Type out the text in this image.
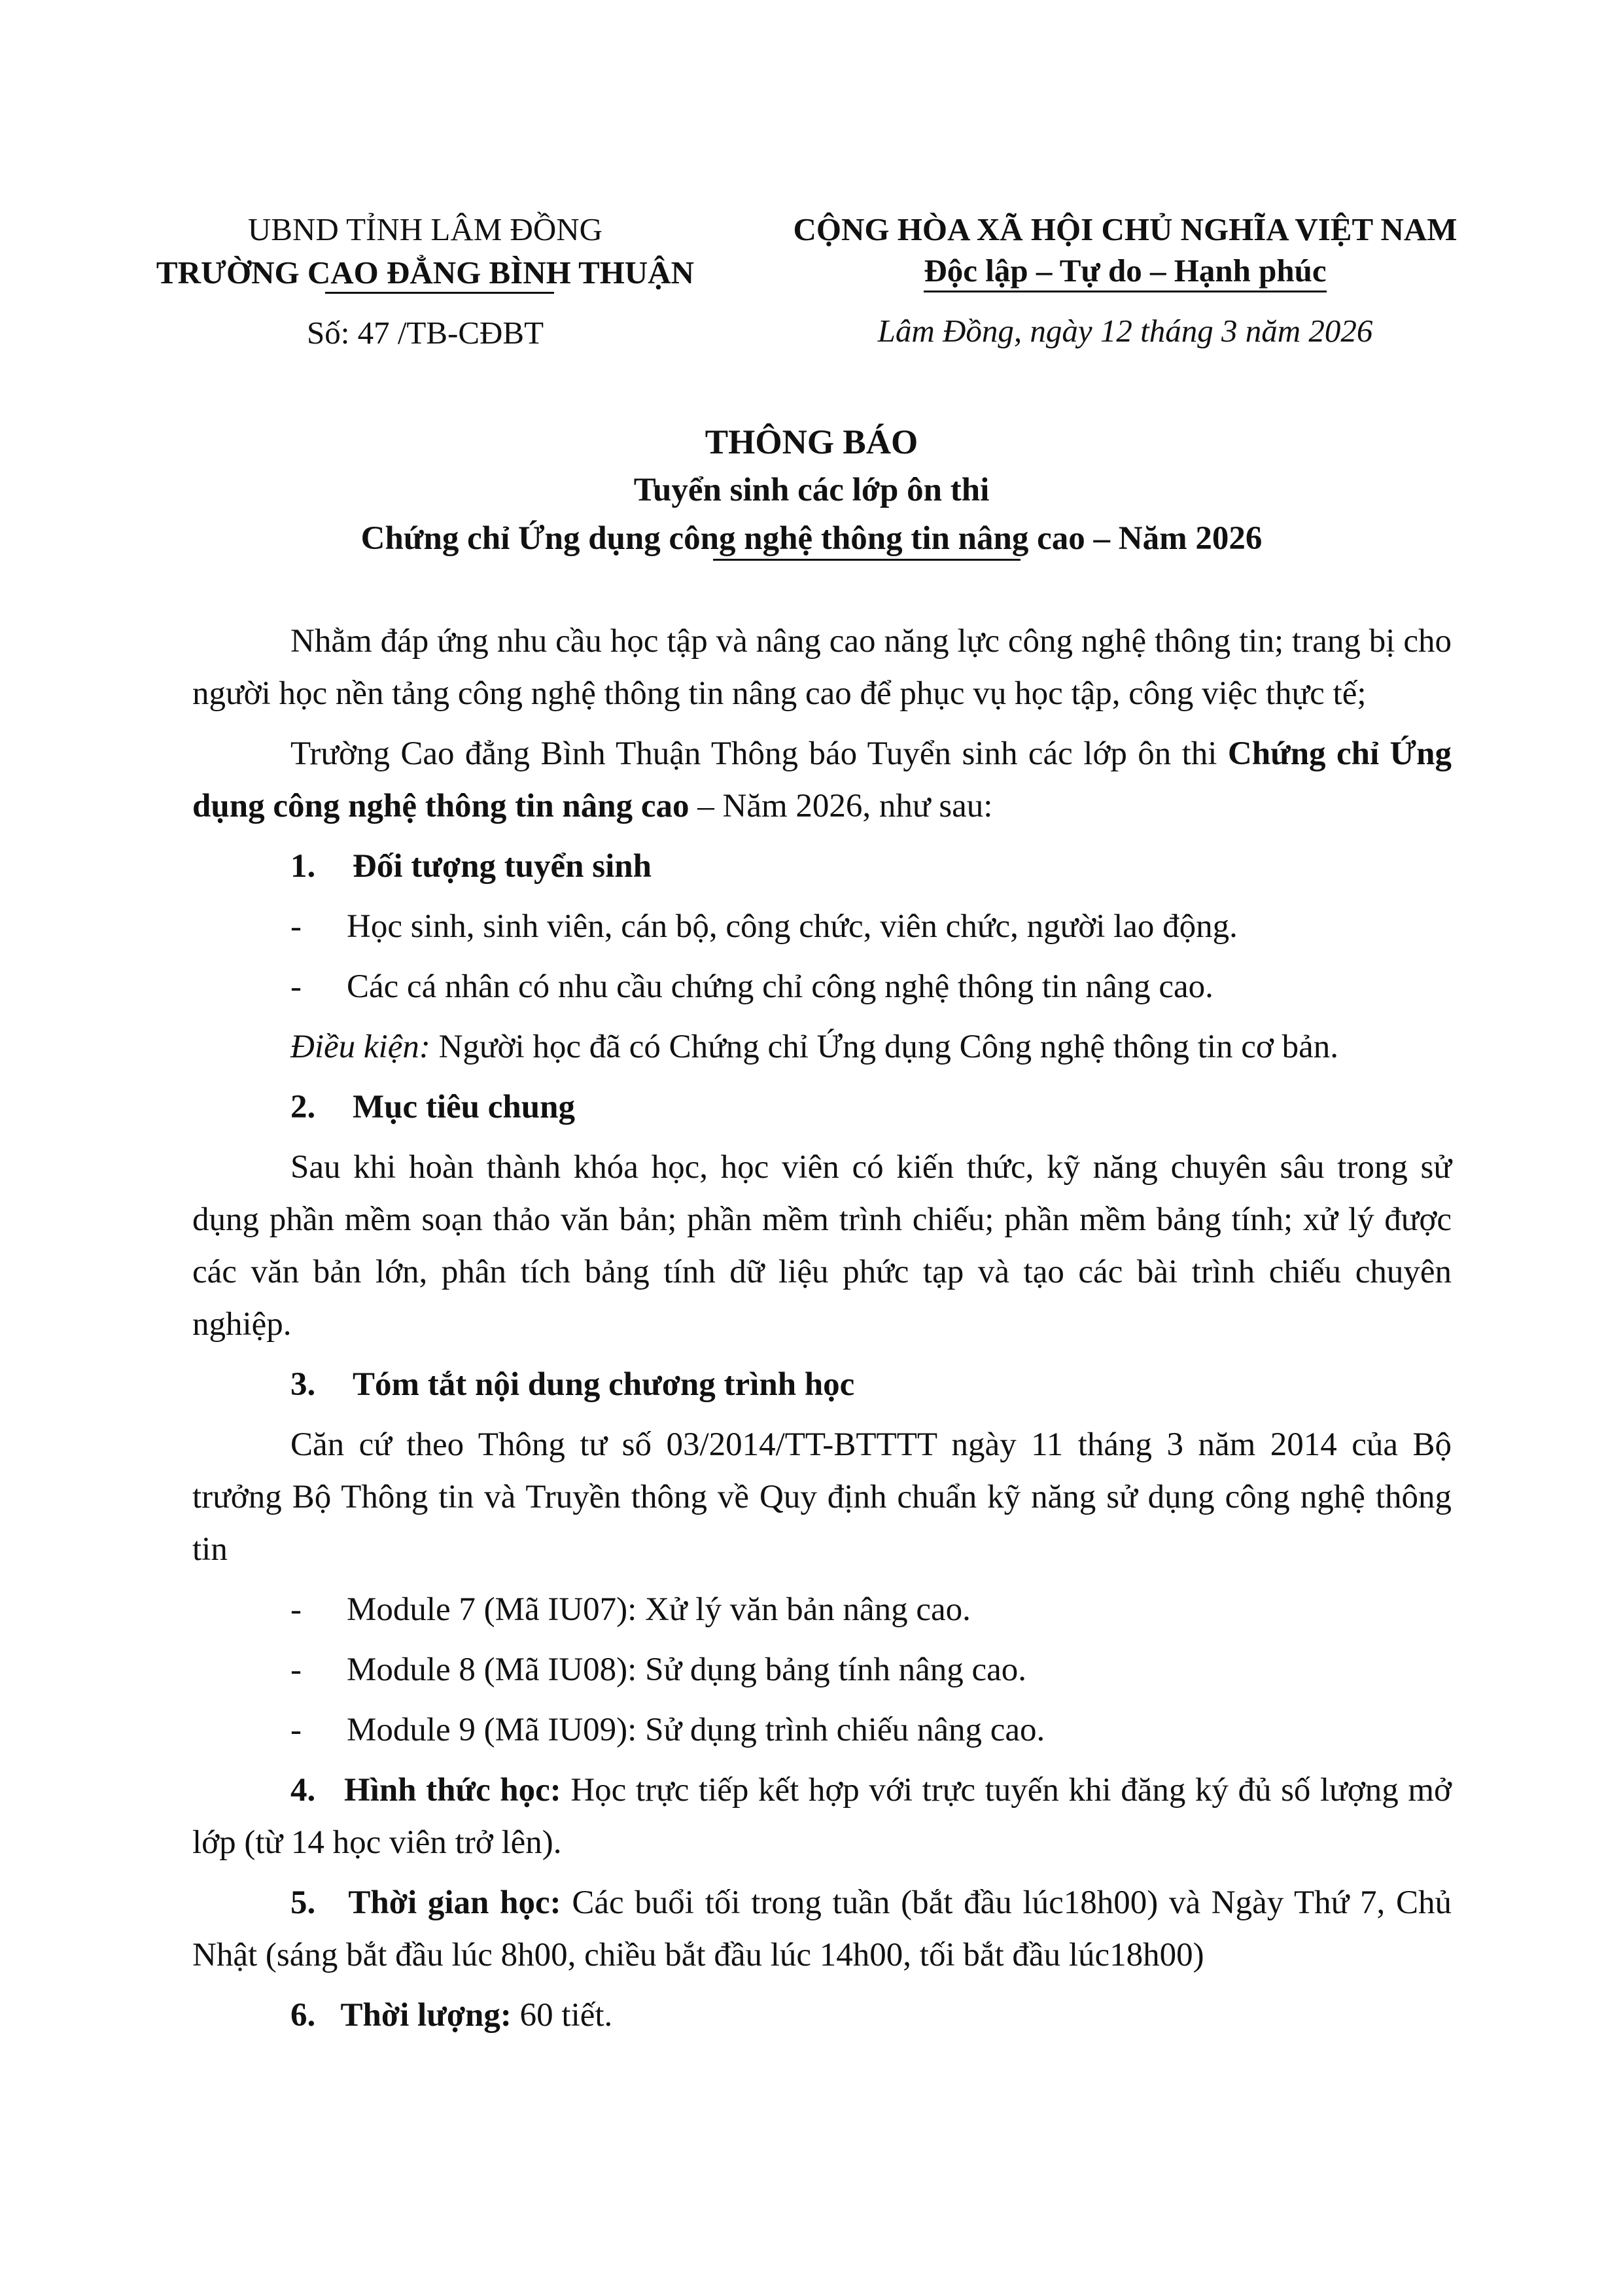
UBND TỈNH LÂM ĐỒNG
TRƯỜNG CAO ĐẲNG BÌNH THUẬN
Số: 47 /TB-CĐBT
CỘNG HÒA XÃ HỘI CHỦ NGHĨA VIỆT NAM
Độc lập – Tự do – Hạnh phúc
Lâm Đồng, ngày 12 tháng 3 năm 2026
THÔNG BÁO
Tuyển sinh các lớp ôn thi
Chứng chỉ Ứng dụng công nghệ thông tin nâng cao – Năm 2026

Nhằm đáp ứng nhu cầu học tập và nâng cao năng lực công nghệ thông tin; trang bị cho người học nền tảng công nghệ thông tin nâng cao để phục vụ học tập, công việc thực tế;

Trường Cao đẳng Bình Thuận Thông báo Tuyển sinh các lớp ôn thi Chứng chỉ Ứng dụng công nghệ thông tin nâng cao – Năm 2026, như sau:

1. Đối tượng tuyển sinh
- Học sinh, sinh viên, cán bộ, công chức, viên chức, người lao động.
- Các cá nhân có nhu cầu chứng chỉ công nghệ thông tin nâng cao.

Điều kiện: Người học đã có Chứng chỉ Ứng dụng Công nghệ thông tin cơ bản.

2. Mục tiêu chung

Sau khi hoàn thành khóa học, học viên có kiến thức, kỹ năng chuyên sâu trong sử dụng phần mềm soạn thảo văn bản; phần mềm trình chiếu; phần mềm bảng tính; xử lý được các văn bản lớn, phân tích bảng tính dữ liệu phức tạp và tạo các bài trình chiếu chuyên nghiệp.

3. Tóm tắt nội dung chương trình học

Căn cứ theo Thông tư số 03/2014/TT-BTTTT ngày 11 tháng 3 năm 2014 của Bộ trưởng Bộ Thông tin và Truyền thông về Quy định chuẩn kỹ năng sử dụng công nghệ thông tin

- Module 7 (Mã IU07): Xử lý văn bản nâng cao.
- Module 8 (Mã IU08): Sử dụng bảng tính nâng cao.
- Module 9 (Mã IU09): Sử dụng trình chiếu nâng cao.

4. Hình thức học: Học trực tiếp kết hợp với trực tuyến khi đăng ký đủ số lượng mở lớp (từ 14 học viên trở lên).

5. Thời gian học: Các buổi tối trong tuần (bắt đầu lúc18h00) và Ngày Thứ 7, Chủ Nhật (sáng bắt đầu lúc 8h00, chiều bắt đầu lúc 14h00, tối bắt đầu lúc18h00)

6. Thời lượng: 60 tiết.
